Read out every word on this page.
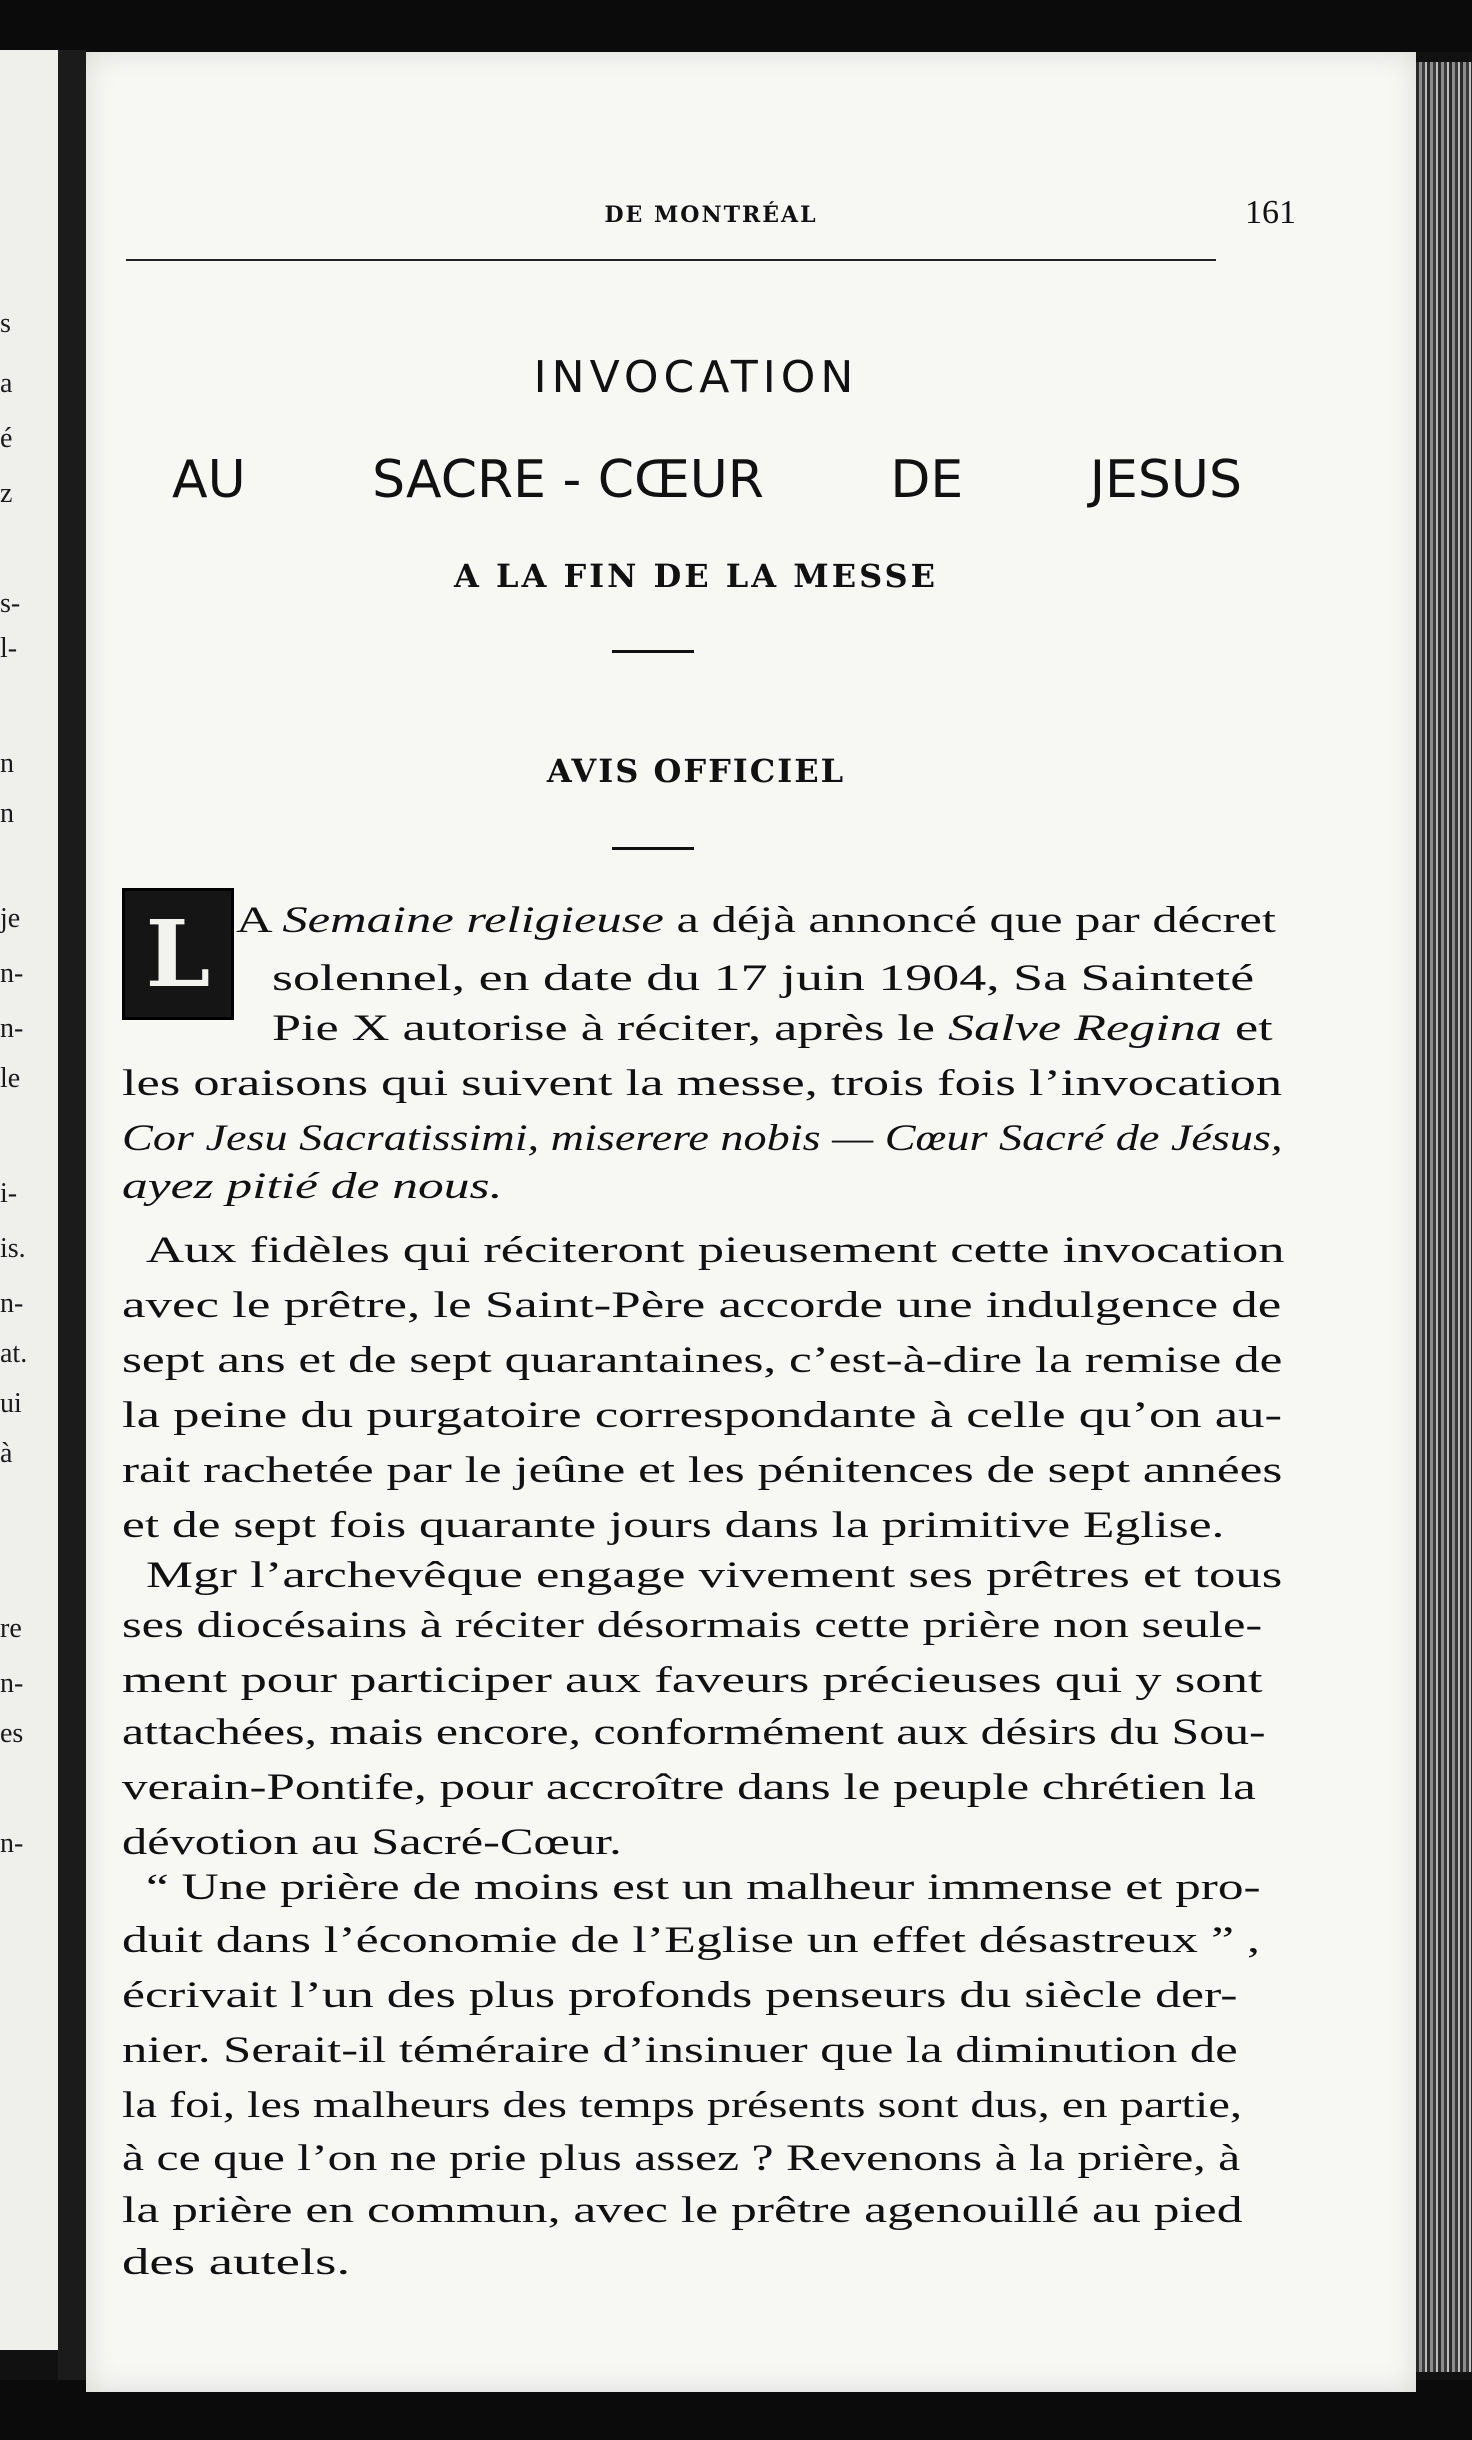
s
a
é
z
s-
l-
n
n
je
n-
n-
le
i-
is.
n-
at.
ui
à
re
n-
es
n-
DE MONTRÉAL	161
INVOCATION
AU SACRE - CŒUR DE JESUS
A LA FIN DE LA MESSE
AVIS OFFICIEL
L A Semaine religieuse a déjà annoncé que par décret
solennel, en date du 17 juin 1904, Sa Sainteté
Pie X autorise à réciter, après le Salve Regina et
les oraisons qui suivent la messe, trois fois l’invocation
Cor Jesu Sacratissimi, miserere nobis — Cœur Sacré de Jésus,
ayez pitié de nous.
Aux fidèles qui réciteront pieusement cette invocation
avec le prêtre, le Saint-Père accorde une indulgence de
sept ans et de sept quarantaines, c’est-à-dire la remise de
la peine du purgatoire correspondante à celle qu’on au-
rait rachetée par le jeûne et les pénitences de sept années
et de sept fois quarante jours dans la primitive Eglise.
Mgr l’archevêque engage vivement ses prêtres et tous
ses diocésains à réciter désormais cette prière non seule-
ment pour participer aux faveurs précieuses qui y sont
attachées, mais encore, conformément aux désirs du Sou-
verain-Pontife, pour accroître dans le peuple chrétien la
dévotion au Sacré-Cœur.
“ Une prière de moins est un malheur immense et pro-
duit dans l’économie de l’Eglise un effet désastreux ” ,
écrivait l’un des plus profonds penseurs du siècle der-
nier. Serait-il téméraire d’insinuer que la diminution de
la foi, les malheurs des temps présents sont dus, en partie,
à ce que l’on ne prie plus assez ? Revenons à la prière, à
la prière en commun, avec le prêtre agenouillé au pied
des autels.
